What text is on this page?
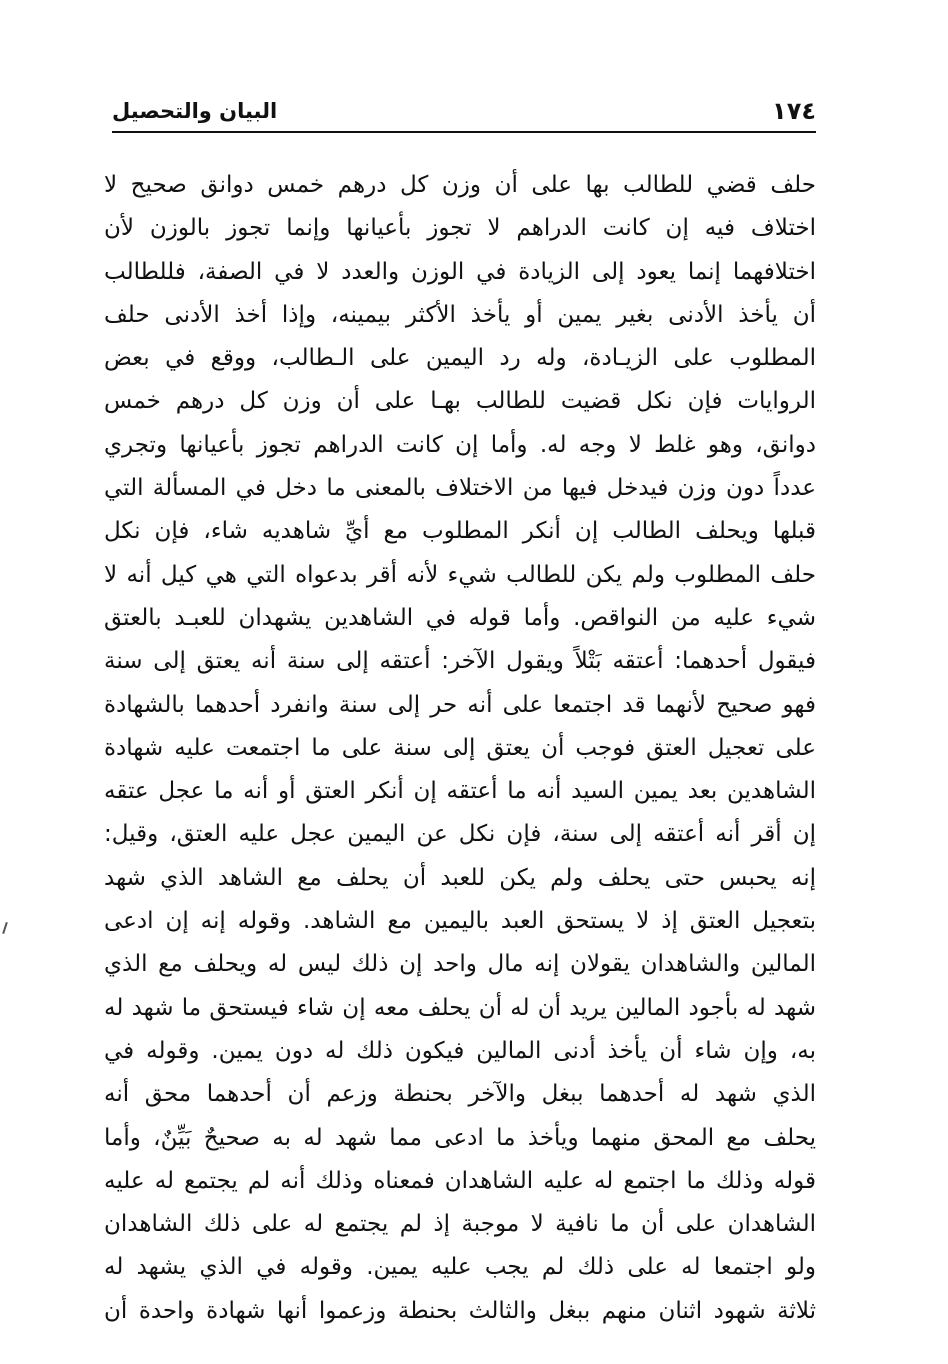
١٧٤
البيان والتحصيل
حلف قضي للطالب بها على أن وزن كل درهم خمس دوانق صحيح لا
اختلاف فيه إن كانت الدراهم لا تجوز بأعيانها وإنما تجوز بالوزن لأن
اختلافهما إنما يعود إلى الزيادة في الوزن والعدد لا في الصفة، فللطالب
أن يأخذ الأدنى بغير يمين أو يأخذ الأكثر بيمينه، وإذا أخذ الأدنى حلف
المطلوب على الزيـادة، وله رد اليمين على الـطالب، ووقع في بعض
الروايات فإن نكل قضيت للطالب بهـا على أن وزن كل درهم خمس
دوانق، وهو غلط لا وجه له. وأما إن كانت الدراهم تجوز بأعيانها وتجري
عدداً دون وزن فيدخل فيها من الاختلاف بالمعنى ما دخل في المسألة التي
قبلها ويحلف الطالب إن أنكر المطلوب مع أيِّ شاهديه شاء، فإن نكل
حلف المطلوب ولم يكن للطالب شيء لأنه أقر بدعواه التي هي كيل أنه لا
شيء عليه من النواقص. وأما قوله في الشاهدين يشهدان للعبـد بالعتق
فيقول أحدهما: أعتقه بَتْلاً ويقول الآخر: أعتقه إلى سنة أنه يعتق إلى سنة
فهو صحيح لأنهما قد اجتمعا على أنه حر إلى سنة وانفرد أحدهما بالشهادة
على تعجيل العتق فوجب أن يعتق إلى سنة على ما اجتمعت عليه شهادة
الشاهدين بعد يمين السيد أنه ما أعتقه إن أنكر العتق أو أنه ما عجل عتقه
إن أقر أنه أعتقه إلى سنة، فإن نكل عن اليمين عجل عليه العتق، وقيل:
إنه يحبس حتى يحلف ولم يكن للعبد أن يحلف مع الشاهد الذي شهد
بتعجيل العتق إذ لا يستحق العبد باليمين مع الشاهد. وقوله إنه إن ادعى
المالين والشاهدان يقولان إنه مال واحد إن ذلك ليس له ويحلف مع الذي
شهد له بأجود المالين يريد أن له أن يحلف معه إن شاء فيستحق ما شهد له
به، وإن شاء أن يأخذ أدنى المالين فيكون ذلك له دون يمين. وقوله في
الذي شهد له أحدهما ببغل والآخر بحنطة وزعم أن أحدهما محق أنه
يحلف مع المحق منهما ويأخذ ما ادعى مما شهد له به صحيحٌ بَيِّنٌ، وأما
قوله وذلك ما اجتمع له عليه الشاهدان فمعناه وذلك أنه لم يجتمع له عليه
الشاهدان على أن ما نافية لا موجبة إذ لم يجتمع له على ذلك الشاهدان
ولو اجتمعا له على ذلك لم يجب عليه يمين. وقوله في الذي يشهد له
ثلاثة شهود اثنان منهم ببغل والثالث بحنطة وزعموا أنها شهادة واحدة أن
